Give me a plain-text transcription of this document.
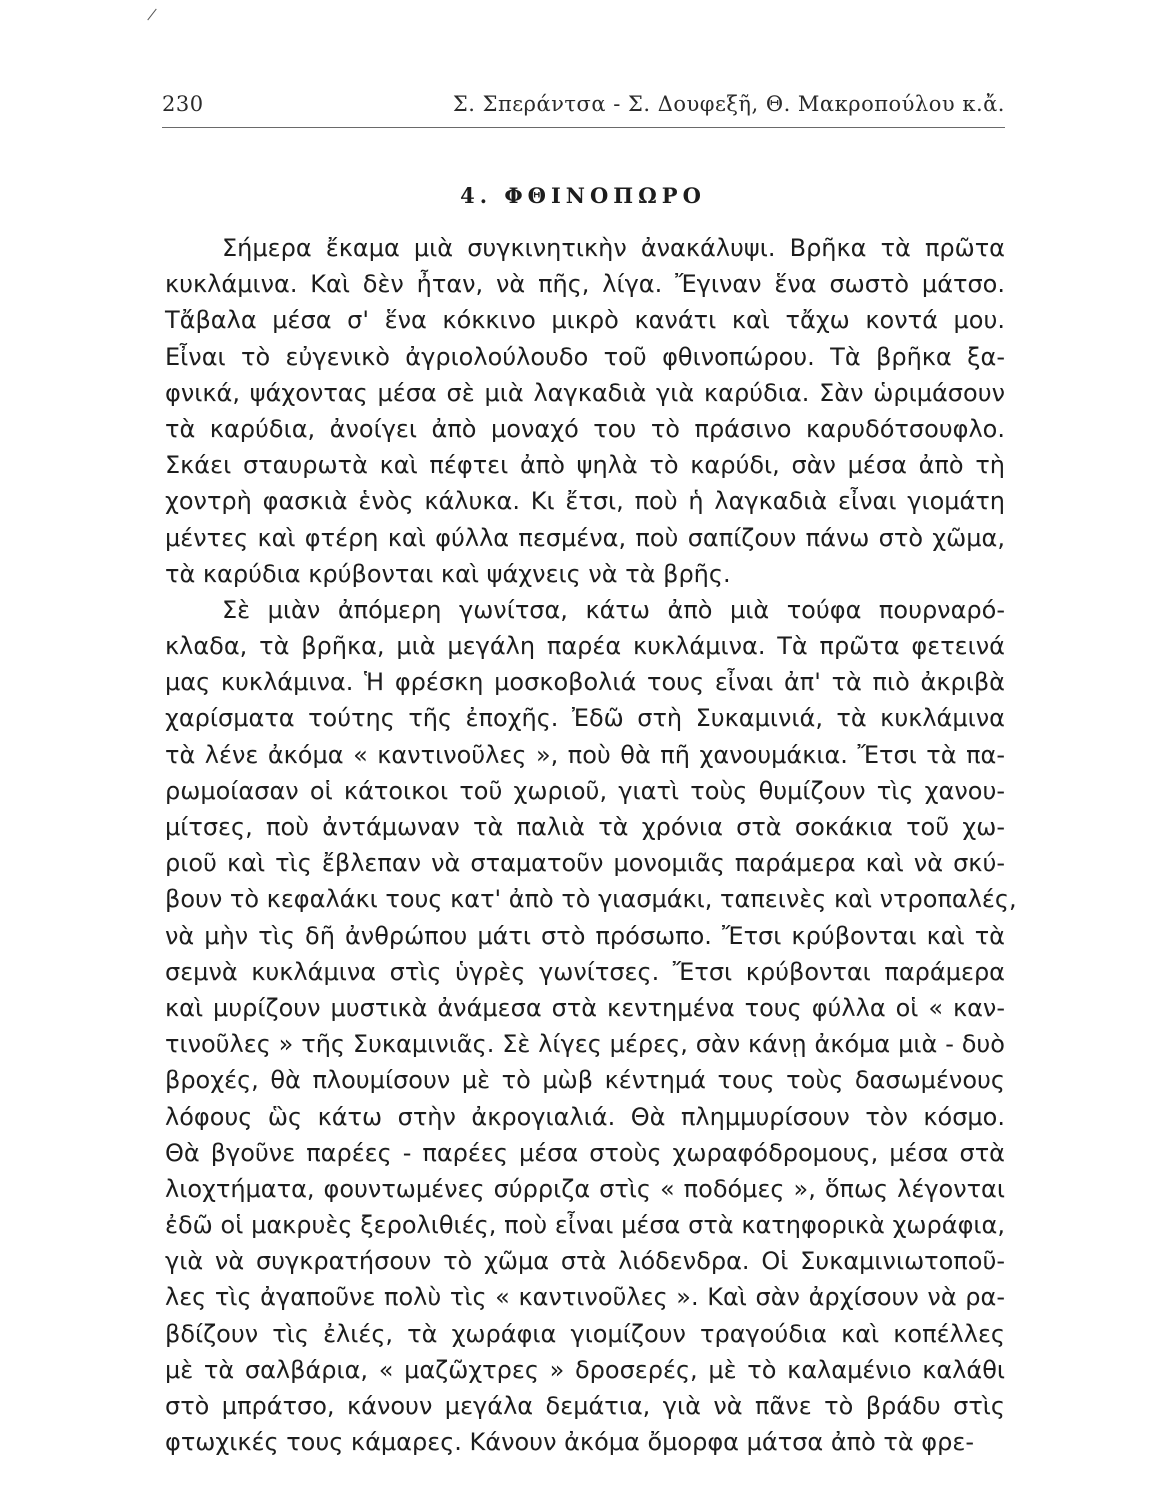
230	Σ. Σπεράντσα - Σ. Δουφεξῆ, Θ. Μακροπούλου κ.ἄ.
4. ΦΘΙΝΟΠΩΡΟ
Σήμερα ἔκαμα μιὰ συγκινητικὴν ἀνακάλυψι. Βρῆκα τὰ πρῶτα
κυκλάμινα. Καὶ δὲν ἦταν, νὰ πῆς, λίγα. Ἔγιναν ἕνα σωστὸ μάτσο.
Τἄβαλα μέσα σ' ἕνα κόκκινο μικρὸ κανάτι καὶ τἄχω κοντά μου.
Εἶναι τὸ εὐγενικὸ ἀγριολούλουδο τοῦ φθινοπώρου. Τὰ βρῆκα ξα-
φνικά, ψάχοντας μέσα σὲ μιὰ λαγκαδιὰ γιὰ καρύδια. Σὰν ὡριμάσουν
τὰ καρύδια, ἀνοίγει ἀπὸ μοναχό του τὸ πράσινο καρυδότσουφλο.
Σκάει σταυρωτὰ καὶ πέφτει ἀπὸ ψηλὰ τὸ καρύδι, σὰν μέσα ἀπὸ τὴ
χοντρὴ φασκιὰ ἑνὸς κάλυκα. Κι ἔτσι, ποὺ ἡ λαγκαδιὰ εἶναι γιομάτη
μέντες καὶ φτέρη καὶ φύλλα πεσμένα, ποὺ σαπίζουν πάνω στὸ χῶμα,
τὰ καρύδια κρύβονται καὶ ψάχνεις νὰ τὰ βρῆς.
Σὲ μιὰν ἀπόμερη γωνίτσα, κάτω ἀπὸ μιὰ τούφα πουρναρό-
κλαδα, τὰ βρῆκα, μιὰ μεγάλη παρέα κυκλάμινα. Τὰ πρῶτα φετεινά
μας κυκλάμινα. Ἡ φρέσκη μοσκοβολιά τους εἶναι ἀπ' τὰ πιὸ ἀκριβὰ
χαρίσματα τούτης τῆς ἐποχῆς. Ἐδῶ στὴ Συκαμινιά, τὰ κυκλάμινα
τὰ λένε ἀκόμα « καντινοῦλες », ποὺ θὰ πῆ χανουμάκια. Ἔτσι τὰ πα-
ρωμοίασαν οἱ κάτοικοι τοῦ χωριοῦ, γιατὶ τοὺς θυμίζουν τὶς χανου-
μίτσες, ποὺ ἀντάμωναν τὰ παλιὰ τὰ χρόνια στὰ σοκάκια τοῦ χω-
ριοῦ καὶ τὶς ἔβλεπαν νὰ σταματοῦν μονομιᾶς παράμερα καὶ νὰ σκύ-
βουν τὸ κεφαλάκι τους κατ' ἀπὸ τὸ γιασμάκι, ταπεινὲς καὶ ντροπαλές,
νὰ μὴν τὶς δῆ ἀνθρώπου μάτι στὸ πρόσωπο. Ἔτσι κρύβονται καὶ τὰ
σεμνὰ κυκλάμινα στὶς ὑγρὲς γωνίτσες. Ἔτσι κρύβονται παράμερα
καὶ μυρίζουν μυστικὰ ἀνάμεσα στὰ κεντημένα τους φύλλα οἱ « καν-
τινοῦλες » τῆς Συκαμινιᾶς. Σὲ λίγες μέρες, σὰν κάνῃ ἀκόμα μιὰ - δυὸ
βροχές, θὰ πλουμίσουν μὲ τὸ μὼβ κέντημά τους τοὺς δασωμένους
λόφους ὣς κάτω στὴν ἀκρογιαλιά. Θὰ πλημμυρίσουν τὸν κόσμο.
Θὰ βγοῦνε παρέες - παρέες μέσα στοὺς χωραφόδρομους, μέσα στὰ
λιοχτήματα, φουντωμένες σύρριζα στὶς « ποδόμες », ὅπως λέγονται
ἐδῶ οἱ μακρυὲς ξερολιθιές, ποὺ εἶναι μέσα στὰ κατηφορικὰ χωράφια,
γιὰ νὰ συγκρατήσουν τὸ χῶμα στὰ λιόδενδρα. Οἱ Συκαμινιωτοποῦ-
λες τὶς ἀγαποῦνε πολὺ τὶς « καντινοῦλες ». Καὶ σὰν ἀρχίσουν νὰ ρα-
βδίζουν τὶς ἐλιές, τὰ χωράφια γιομίζουν τραγούδια καὶ κοπέλλες
μὲ τὰ σαλβάρια, « μαζῶχτρες » δροσερές, μὲ τὸ καλαμένιο καλάθι
στὸ μπράτσο, κάνουν μεγάλα δεμάτια, γιὰ νὰ πᾶνε τὸ βράδυ στὶς
φτωχικές τους κάμαρες. Κάνουν ἀκόμα ὄμορφα μάτσα ἀπὸ τὰ φρε-
